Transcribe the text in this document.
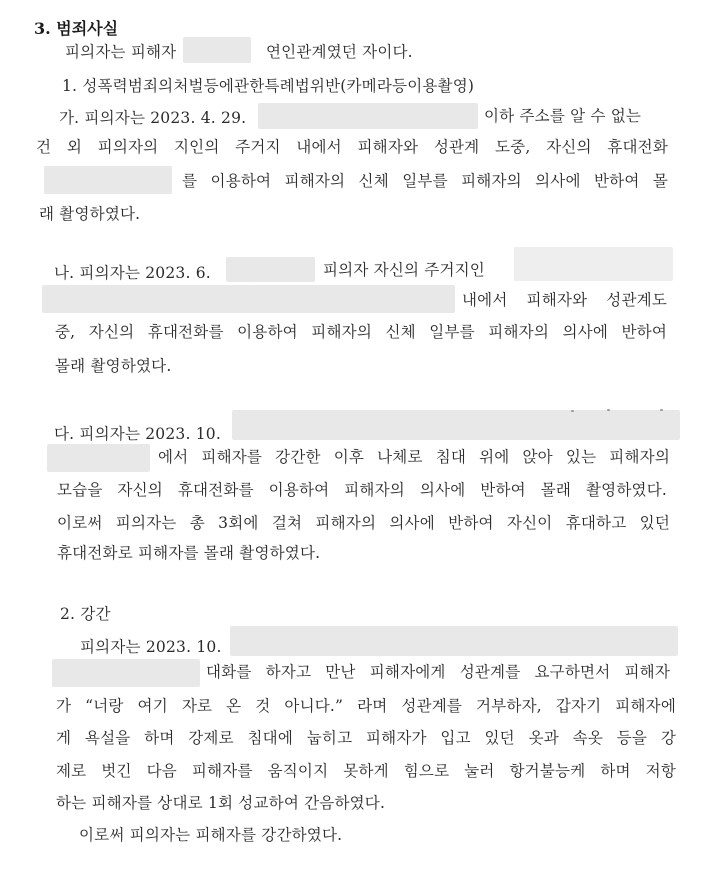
3. 범죄사실
피의자는 피해자	연인관계였던 자이다.
1. 성폭력범죄의처벌등에관한특례법위반(카메라등이용촬영)
가. 피의자는 2023. 4. 29.	이하 주소를 알 수 없는
건 외 피의자의 지인의 주거지 내에서 피해자와 성관계 도중, 자신의 휴대전화
를 이용하여 피해자의 신체 일부를 피해자의 의사에 반하여 몰
래 촬영하였다.
나. 피의자는 2023. 6.	피의자 자신의 주거지인
내에서 피해자와 성관계도
중, 자신의 휴대전화를 이용하여 피해자의 신체 일부를 피해자의 의사에 반하여
몰래 촬영하였다.
다. 피의자는 2023. 10.
에서 피해자를 강간한 이후 나체로 침대 위에 앉아 있는 피해자의
모습을 자신의 휴대전화를 이용하여 피해자의 의사에 반하여 몰래 촬영하였다.
이로써 피의자는 총 3회에 걸쳐 피해자의 의사에 반하여 자신이 휴대하고 있던
휴대전화로 피해자를 몰래 촬영하였다.
2. 강간
피의자는 2023. 10.
대화를 하자고 만난 피해자에게 성관계를 요구하면서 피해자
가 “너랑 여기 자로 온 것 아니다.” 라며 성관계를 거부하자, 갑자기 피해자에
게 욕설을 하며 강제로 침대에 눕히고 피해자가 입고 있던 옷과 속옷 등을 강
제로 벗긴 다음 피해자를 움직이지 못하게 힘으로 눌러 항거불능케 하며 저항
하는 피해자를 상대로 1회 성교하여 간음하였다.
이로써 피의자는 피해자를 강간하였다.
